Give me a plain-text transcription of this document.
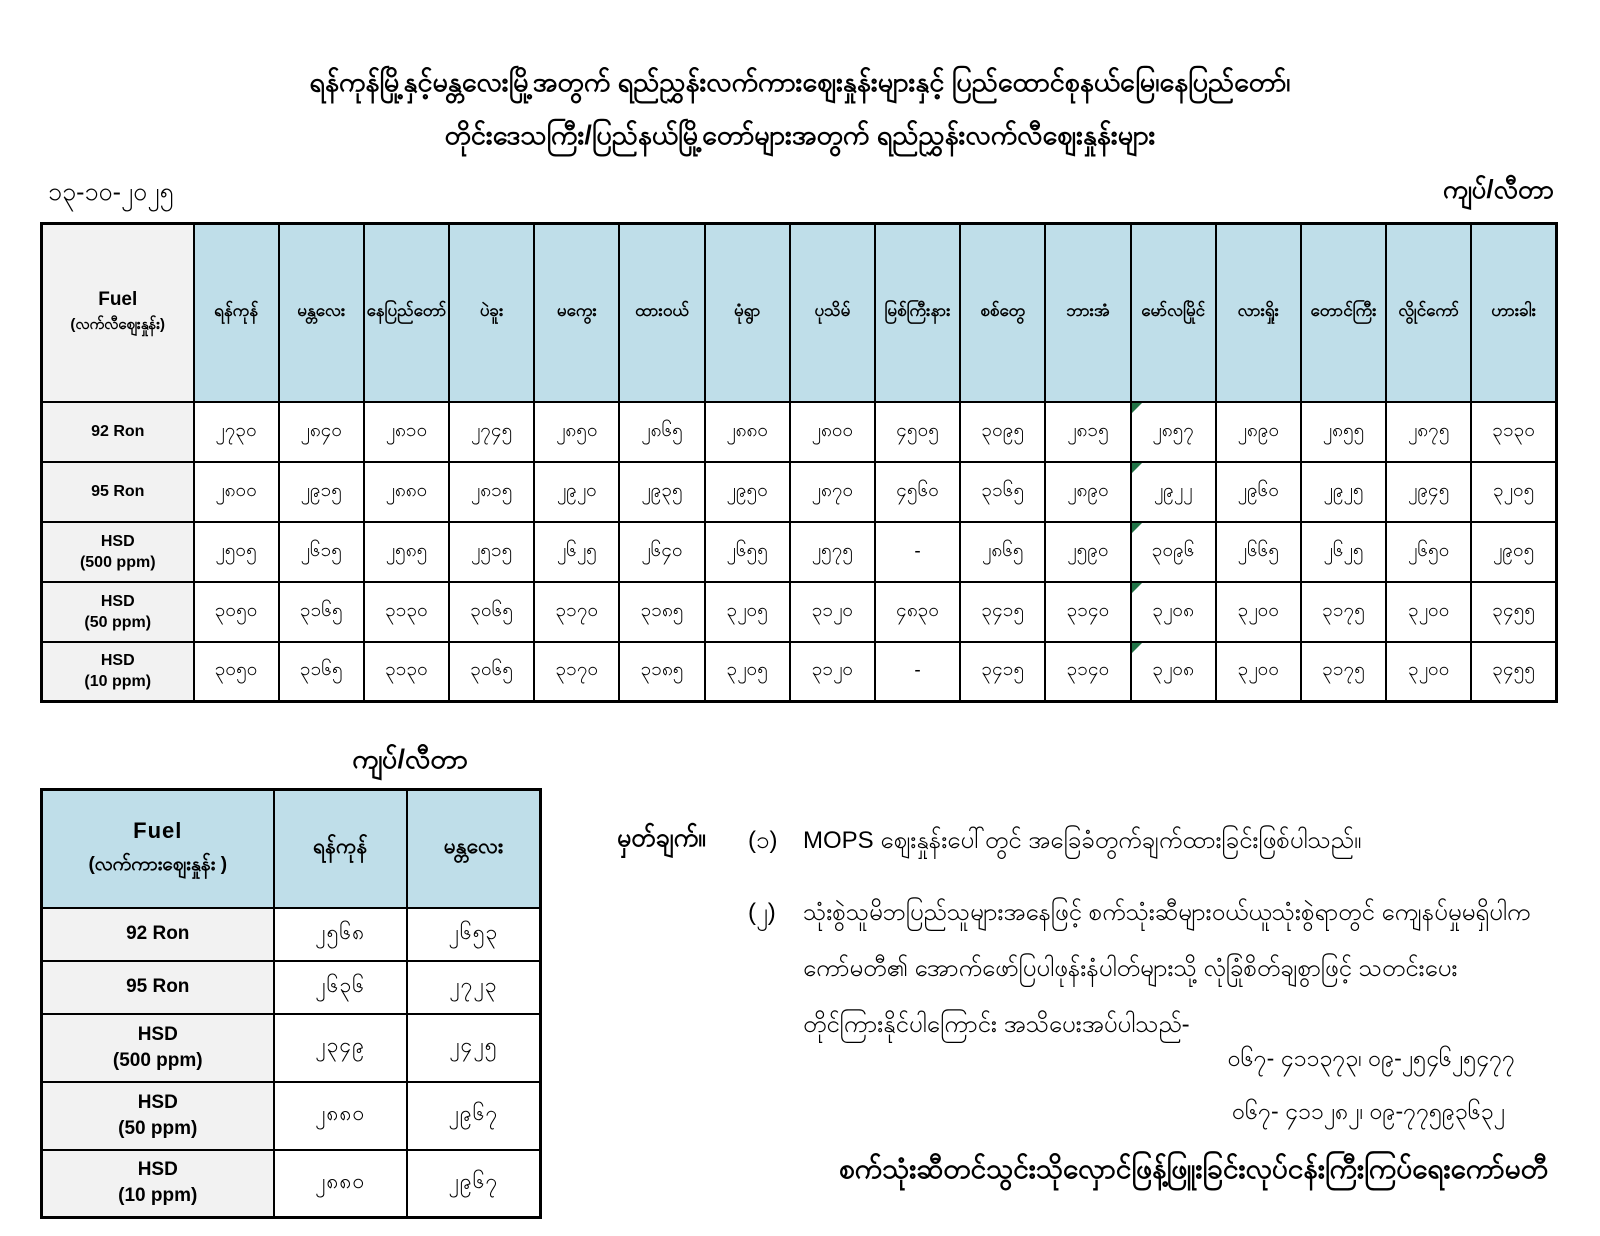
ရန်ကုန်မြို့နှင့်မန္တလေးမြို့အတွက် ရည်ညွှန်းလက်ကားဈေးနှုန်းများနှင့် ပြည်ထောင်စုနယ်မြေ၊နေပြည်တော်၊
တိုင်းဒေသကြီး/ပြည်နယ်မြို့တော်များအတွက် ရည်ညွှန်းလက်လီဈေးနှုန်းများ
၁၃-၁၀-၂၀၂၅	ကျပ်/လီတာ
Fuel
(လက်လီဈေးနှုန်း)	ရန်ကုန်	မန္တလေး	နေပြည်တော်	ပဲခူး	မကွေး	ထားဝယ်	မုံရွာ	ပုသိမ်	မြစ်ကြီးနား	စစ်တွေ	ဘားအံ	မော်လမြိုင်	လားရှိုး	တောင်ကြီး	လွိုင်ကော်	ဟားခါး

92 Ron	၂၇၃၀	၂၈၄၀	၂၈၁၀	၂၇၄၅	၂၈၅၀	၂၈၆၅	၂၈၈၀	၂၈၀၀	၄၅၀၅	၃၀၉၅	၂၈၁၅	၂၈၅၇	၂၈၉၀	၂၈၅၅	၂၈၇၅	၃၁၃၀

95 Ron	၂၈၀၀	၂၉၁၅	၂၈၈၀	၂၈၁၅	၂၉၂၀	၂၉၃၅	၂၉၅၀	၂၈၇၀	၄၅၆၀	၃၁၆၅	၂၈၉၀	၂၉၂၂	၂၉၆၀	၂၉၂၅	၂၉၄၅	၃၂၀၅

HSD
(500 ppm)	၂၅၀၅	၂၆၁၅	၂၅၈၅	၂၅၁၅	၂၆၂၅	၂၆၄၀	၂၆၅၅	၂၅၇၅	-	၂၈၆၅	၂၅၉၀	၃၀၉၆	၂၆၆၅	၂၆၂၅	၂၆၅၀	၂၉၀၅

HSD
(50 ppm)	၃၀၅၀	၃၁၆၅	၃၁၃၀	၃၀၆၅	၃၁၇၀	၃၁၈၅	၃၂၀၅	၃၁၂၀	၄၈၃၀	၃၄၁၅	၃၁၄၀	၃၂၀၈	၃၂၀၀	၃၁၇၅	၃၂၀၀	၃၄၅၅

HSD
(10 ppm)	၃၀၅၀	၃၁၆၅	၃၁၃၀	၃၀၆၅	၃၁၇၀	၃၁၈၅	၃၂၀၅	၃၁၂၀	-	၃၄၁၅	၃၁၄၀	၃၂၀၈	၃၂၀၀	၃၁၇၅	၃၂၀၀	၃၄၅၅
ကျပ်/လီတာ
Fuel
(လက်ကားဈေးနှုန်း )	ရန်ကုန်	မန္တလေး

92 Ron	၂၅၆၈	၂၆၅၃

95 Ron	၂၆၃၆	၂၇၂၃

HSD
(500 ppm)	၂၃၄၉	၂၄၂၅

HSD
(50 ppm)	၂၈၈၀	၂၉၆၇

HSD
(10 ppm)	၂၈၈၀	၂၉၆၇
မှတ်ချက်။ (၁) MOPS ဈေးနှုန်းပေါ်တွင် အခြေခံတွက်ချက်ထားခြင်းဖြစ်ပါသည်။
(၂) သုံးစွဲသူမိဘပြည်သူများအနေဖြင့် စက်သုံးဆီများဝယ်ယူသုံးစွဲရာတွင် ကျေနပ်မှုမရှိပါက
ကော်မတီ၏ အောက်ဖော်ပြပါဖုန်းနံပါတ်များသို့ လုံခြုံစိတ်ချစွာဖြင့် သတင်းပေး
တိုင်ကြားနိုင်ပါကြောင်း အသိပေးအပ်ပါသည်-
၀၆၇- ၄၁၁၃၇၃၊ ၀၉-၂၅၄၆၂၅၄၇၇
၀၆၇- ၄၁၁၂၈၂၊ ၀၉-၇၇၅၉၃၆၃၂
စက်သုံးဆီတင်သွင်းသိုလှောင်ဖြန့်ဖြူးခြင်းလုပ်ငန်းကြီးကြပ်ရေးကော်မတီ
